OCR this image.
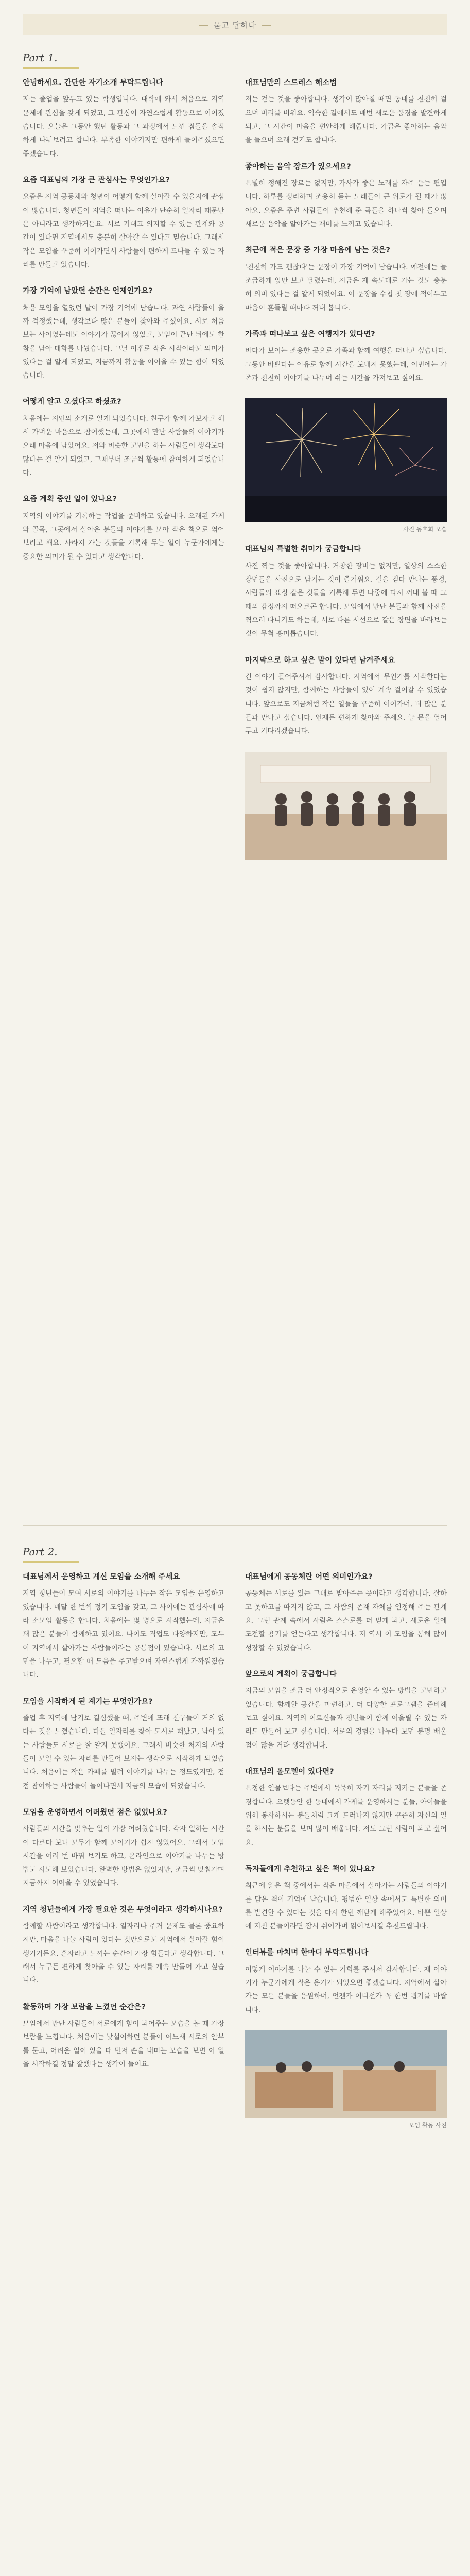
묻고 답하다
Part 1.

안녕하세요. 간단한 자기소개 부탁드립니다

저는 졸업을 앞두고 있는 학생입니다. 대학에 와서 처음으로 지역 문제에 관심을 갖게 되었고, 그 관심이 자연스럽게 활동으로 이어졌습니다. 오늘은 그동안 했던 활동과 그 과정에서 느낀 점들을 솔직하게 나눠보려고 합니다. 부족한 이야기지만 편하게 들어주셨으면 좋겠습니다.

요즘 대표님의 가장 큰 관심사는 무엇인가요?

요즘은 지역 공동체와 청년이 어떻게 함께 살아갈 수 있을지에 관심이 많습니다. 청년들이 지역을 떠나는 이유가 단순히 일자리 때문만은 아니라고 생각하거든요. 서로 기대고 의지할 수 있는 관계와 공간이 있다면 지역에서도 충분히 살아갈 수 있다고 믿습니다. 그래서 작은 모임을 꾸준히 이어가면서 사람들이 편하게 드나들 수 있는 자리를 만들고 있습니다.

가장 기억에 남았던 순간은 언제인가요?

처음 모임을 열었던 날이 가장 기억에 남습니다. 과연 사람들이 올까 걱정했는데, 생각보다 많은 분들이 찾아와 주셨어요. 서로 처음 보는 사이였는데도 이야기가 끊이지 않았고, 모임이 끝난 뒤에도 한참을 남아 대화를 나눴습니다. 그날 이후로 작은 시작이라도 의미가 있다는 걸 알게 되었고, 지금까지 활동을 이어올 수 있는 힘이 되었습니다.

어떻게 알고 오셨다고 하셨죠?

처음에는 지인의 소개로 알게 되었습니다. 친구가 함께 가보자고 해서 가벼운 마음으로 참여했는데, 그곳에서 만난 사람들의 이야기가 오래 마음에 남았어요. 저와 비슷한 고민을 하는 사람들이 생각보다 많다는 걸 알게 되었고, 그때부터 조금씩 활동에 참여하게 되었습니다.

요즘 계획 중인 일이 있나요?

지역의 이야기를 기록하는 작업을 준비하고 있습니다. 오래된 가게와 골목, 그곳에서 살아온 분들의 이야기를 모아 작은 책으로 엮어보려고 해요. 사라져 가는 것들을 기록해 두는 일이 누군가에게는 중요한 의미가 될 수 있다고 생각합니다.

대표님만의 스트레스 해소법

저는 걷는 것을 좋아합니다. 생각이 많아질 때면 동네를 천천히 걸으며 머리를 비워요. 익숙한 길에서도 매번 새로운 풍경을 발견하게 되고, 그 시간이 마음을 편안하게 해줍니다. 가끔은 좋아하는 음악을 들으며 오래 걷기도 합니다.

좋아하는 음악 장르가 있으세요?

특별히 정해진 장르는 없지만, 가사가 좋은 노래를 자주 듣는 편입니다. 하루를 정리하며 조용히 듣는 노래들이 큰 위로가 될 때가 많아요. 요즘은 주변 사람들이 추천해 준 곡들을 하나씩 찾아 들으며 새로운 음악을 알아가는 재미를 느끼고 있습니다.

최근에 적은 문장 중 가장 마음에 남는 것은?

'천천히 가도 괜찮다'는 문장이 가장 기억에 남습니다. 예전에는 늘 조급하게 앞만 보고 달렸는데, 지금은 제 속도대로 가는 것도 충분히 의미 있다는 걸 알게 되었어요. 이 문장을 수첩 첫 장에 적어두고 마음이 흔들릴 때마다 꺼내 봅니다.

가족과 떠나보고 싶은 여행지가 있다면?

바다가 보이는 조용한 곳으로 가족과 함께 여행을 떠나고 싶습니다. 그동안 바쁘다는 이유로 함께 시간을 보내지 못했는데, 이번에는 가족과 천천히 이야기를 나누며 쉬는 시간을 가져보고 싶어요.

사진 동호회 모습

대표님의 특별한 취미가 궁금합니다

사진 찍는 것을 좋아합니다. 거창한 장비는 없지만, 일상의 소소한 장면들을 사진으로 남기는 것이 즐거워요. 길을 걷다 만나는 풍경, 사람들의 표정 같은 것들을 기록해 두면 나중에 다시 꺼내 볼 때 그때의 감정까지 떠오르곤 합니다. 모임에서 만난 분들과 함께 사진을 찍으러 다니기도 하는데, 서로 다른 시선으로 같은 장면을 바라보는 것이 무척 흥미롭습니다.

마지막으로 하고 싶은 말이 있다면 남겨주세요

긴 이야기 들어주셔서 감사합니다. 지역에서 무언가를 시작한다는 것이 쉽지 않지만, 함께하는 사람들이 있어 계속 걸어갈 수 있었습니다. 앞으로도 지금처럼 작은 일들을 꾸준히 이어가며, 더 많은 분들과 만나고 싶습니다. 언제든 편하게 찾아와 주세요. 늘 문을 열어두고 기다리겠습니다.

Part 2.

대표님께서 운영하고 계신 모임을 소개해 주세요

지역 청년들이 모여 서로의 이야기를 나누는 작은 모임을 운영하고 있습니다. 매달 한 번씩 정기 모임을 갖고, 그 사이에는 관심사에 따라 소모임 활동을 합니다. 처음에는 몇 명으로 시작했는데, 지금은 꽤 많은 분들이 함께하고 있어요. 나이도 직업도 다양하지만, 모두 이 지역에서 살아가는 사람들이라는 공통점이 있습니다. 서로의 고민을 나누고, 필요할 때 도움을 주고받으며 자연스럽게 가까워졌습니다.

모임을 시작하게 된 계기는 무엇인가요?

졸업 후 지역에 남기로 결심했을 때, 주변에 또래 친구들이 거의 없다는 것을 느꼈습니다. 다들 일자리를 찾아 도시로 떠났고, 남아 있는 사람들도 서로를 잘 알지 못했어요. 그래서 비슷한 처지의 사람들이 모일 수 있는 자리를 만들어 보자는 생각으로 시작하게 되었습니다. 처음에는 작은 카페를 빌려 이야기를 나누는 정도였지만, 점점 참여하는 사람들이 늘어나면서 지금의 모습이 되었습니다.

모임을 운영하면서 어려웠던 점은 없었나요?

사람들의 시간을 맞추는 일이 가장 어려웠습니다. 각자 일하는 시간이 다르다 보니 모두가 함께 모이기가 쉽지 않았어요. 그래서 모임 시간을 여러 번 바꿔 보기도 하고, 온라인으로 이야기를 나누는 방법도 시도해 보았습니다. 완벽한 방법은 없었지만, 조금씩 맞춰가며 지금까지 이어올 수 있었습니다.

지역 청년들에게 가장 필요한 것은 무엇이라고 생각하시나요?

함께할 사람이라고 생각합니다. 일자리나 주거 문제도 물론 중요하지만, 마음을 나눌 사람이 있다는 것만으로도 지역에서 살아갈 힘이 생기거든요. 혼자라고 느끼는 순간이 가장 힘들다고 생각합니다. 그래서 누구든 편하게 찾아올 수 있는 자리를 계속 만들어 가고 싶습니다.

활동하며 가장 보람을 느꼈던 순간은?

모임에서 만난 사람들이 서로에게 힘이 되어주는 모습을 볼 때 가장 보람을 느낍니다. 처음에는 낯설어하던 분들이 어느새 서로의 안부를 묻고, 어려운 일이 있을 때 먼저 손을 내미는 모습을 보면 이 일을 시작하길 정말 잘했다는 생각이 들어요.

대표님에게 공동체란 어떤 의미인가요?

공동체는 서로를 있는 그대로 받아주는 곳이라고 생각합니다. 잘하고 못하고를 따지지 않고, 그 사람의 존재 자체를 인정해 주는 관계요. 그런 관계 속에서 사람은 스스로를 더 믿게 되고, 새로운 일에 도전할 용기를 얻는다고 생각합니다. 저 역시 이 모임을 통해 많이 성장할 수 있었습니다.

앞으로의 계획이 궁금합니다

지금의 모임을 조금 더 안정적으로 운영할 수 있는 방법을 고민하고 있습니다. 함께할 공간을 마련하고, 더 다양한 프로그램을 준비해 보고 싶어요. 지역의 어르신들과 청년들이 함께 어울릴 수 있는 자리도 만들어 보고 싶습니다. 서로의 경험을 나누다 보면 분명 배울 점이 많을 거라 생각합니다.

대표님의 롤모델이 있다면?

특정한 인물보다는 주변에서 묵묵히 자기 자리를 지키는 분들을 존경합니다. 오랫동안 한 동네에서 가게를 운영하시는 분들, 아이들을 위해 봉사하시는 분들처럼 크게 드러나지 않지만 꾸준히 자신의 일을 하시는 분들을 보며 많이 배웁니다. 저도 그런 사람이 되고 싶어요.

독자들에게 추천하고 싶은 책이 있나요?

최근에 읽은 책 중에서는 작은 마을에서 살아가는 사람들의 이야기를 담은 책이 기억에 남습니다. 평범한 일상 속에서도 특별한 의미를 발견할 수 있다는 것을 다시 한번 깨닫게 해주었어요. 바쁜 일상에 지친 분들이라면 잠시 쉬어가며 읽어보시길 추천드립니다.

인터뷰를 마치며 한마디 부탁드립니다

이렇게 이야기를 나눌 수 있는 기회를 주셔서 감사합니다. 제 이야기가 누군가에게 작은 용기가 되었으면 좋겠습니다. 지역에서 살아가는 모든 분들을 응원하며, 언젠가 어디선가 꼭 한번 뵙기를 바랍니다.

모임 활동 사진
